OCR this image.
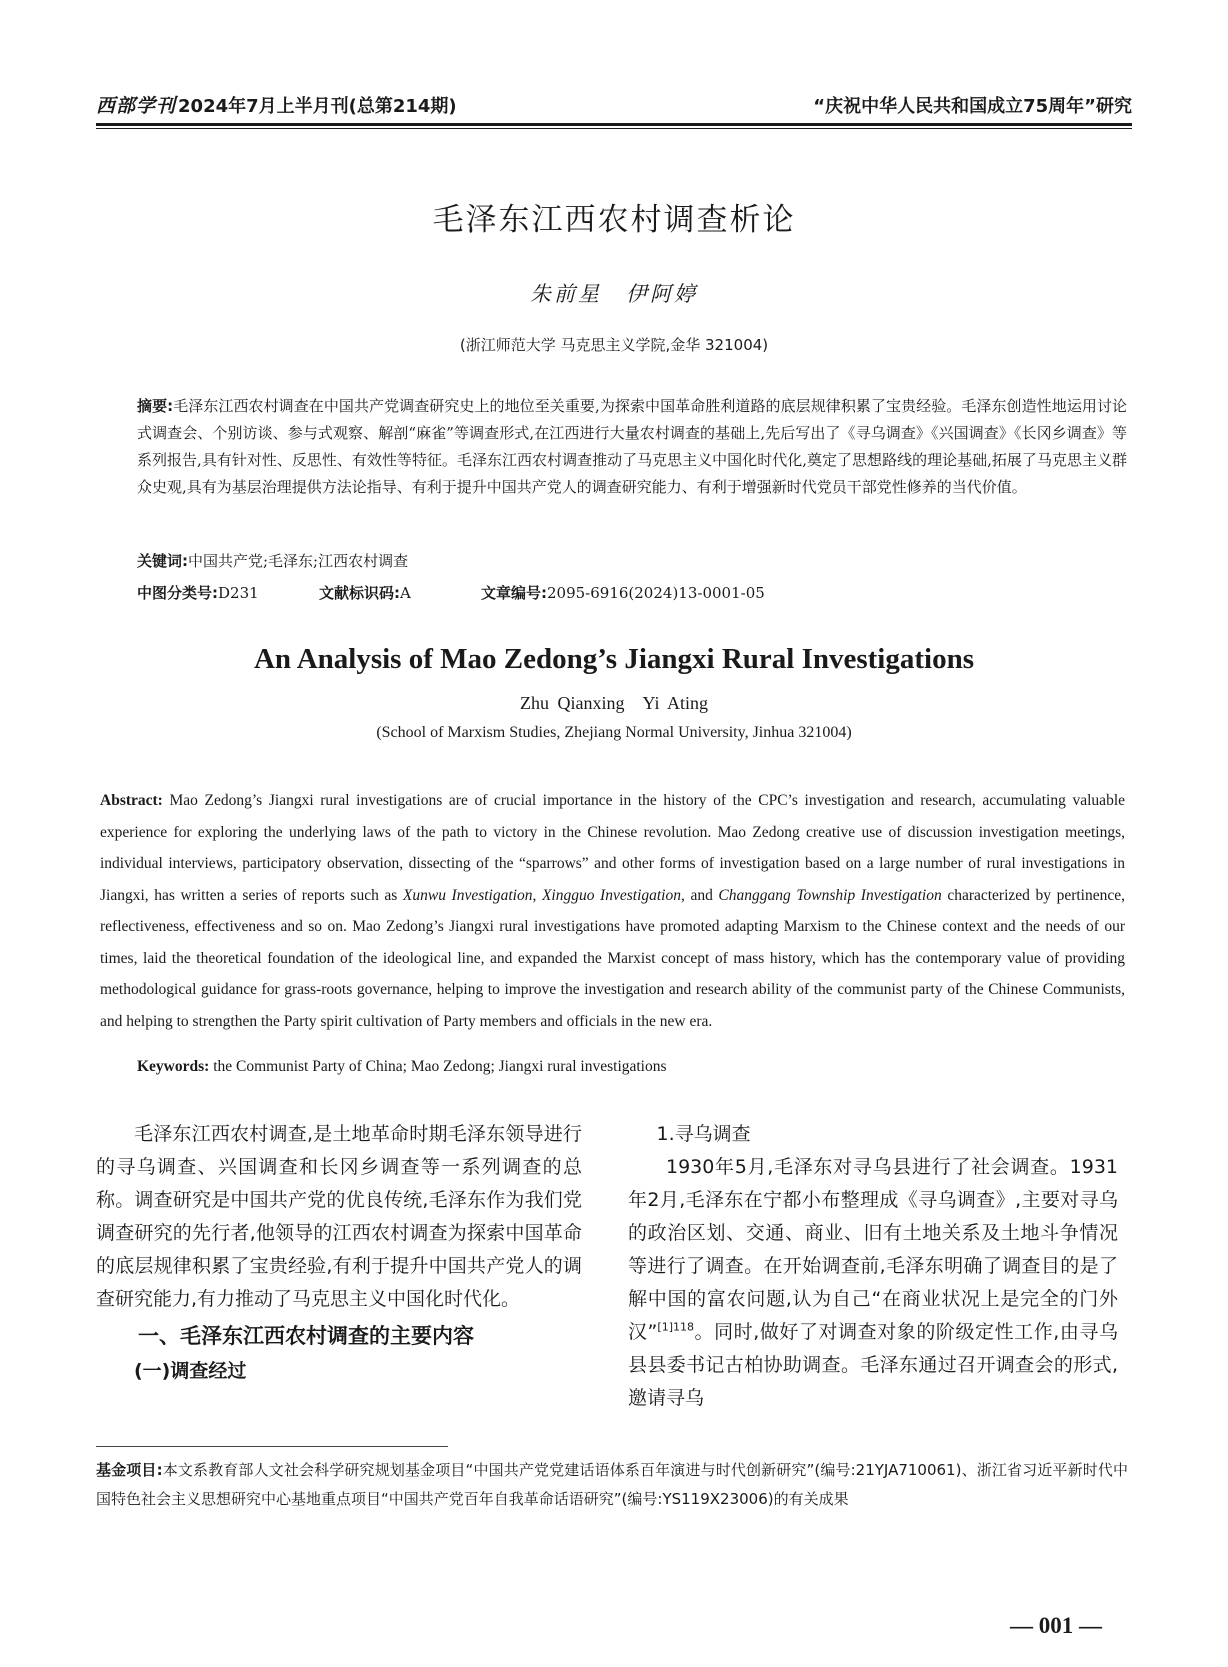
西部学刊 2024年7月上半月刊(总第214期)	“庆祝中华人民共和国成立75周年”研究
毛泽东江西农村调查析论
朱前星　伊阿婷
(浙江师范大学 马克思主义学院,金华 321004)
摘要:毛泽东江西农村调查在中国共产党调查研究史上的地位至关重要,为探索中国革命胜利道路的底层规律积累了宝贵经验。毛泽东创造性地运用讨论式调查会、个别访谈、参与式观察、解剖“麻雀”等调查形式,在江西进行大量农村调查的基础上,先后写出了《寻乌调查》《兴国调查》《长冈乡调查》等系列报告,具有针对性、反思性、有效性等特征。毛泽东江西农村调查推动了马克思主义中国化时代化,奠定了思想路线的理论基础,拓展了马克思主义群众史观,具有为基层治理提供方法论指导、有利于提升中国共产党人的调查研究能力、有利于增强新时代党员干部党性修养的当代价值。
关键词:中国共产党;毛泽东;江西农村调查
中图分类号:D231	文献标识码:A	文章编号:2095-6916(2024)13-0001-05
An Analysis of Mao Zedong’s Jiangxi Rural Investigations
Zhu Qianxing　Yi Ating
(School of Marxism Studies, Zhejiang Normal University, Jinhua 321004)
Abstract: Mao Zedong’s Jiangxi rural investigations are of crucial importance in the history of the CPC’s investigation and research, accumulating valuable experience for exploring the underlying laws of the path to victory in the Chinese revolution. Mao Zedong creative use of discussion investigation meetings, individual interviews, participatory observation, dissecting of the “sparrows” and other forms of investigation based on a large number of rural investigations in Jiangxi, has written a series of reports such as Xunwu Investigation, Xingguo Investigation, and Changgang Township Investigation characterized by pertinence, reflectiveness, effectiveness and so on. Mao Zedong’s Jiangxi rural investigations have promoted adapting Marxism to the Chinese context and the needs of our times, laid the theoretical foundation of the ideological line, and expanded the Marxist concept of mass history, which has the contemporary value of providing methodological guidance for grass-roots governance, helping to improve the investigation and research ability of the communist party of the Chinese Communists, and helping to strengthen the Party spirit cultivation of Party members and officials in the new era.
Keywords: the Communist Party of China; Mao Zedong; Jiangxi rural investigations

毛泽东江西农村调查,是土地革命时期毛泽东领导进行的寻乌调查、兴国调查和长冈乡调查等一系列调查的总称。调查研究是中国共产党的优良传统,毛泽东作为我们党调查研究的先行者,他领导的江西农村调查为探索中国革命的底层规律积累了宝贵经验,有利于提升中国共产党人的调查研究能力,有力推动了马克思主义中国化时代化。

一、毛泽东江西农村调查的主要内容
(一)调查经过
1.寻乌调查

1930年5月,毛泽东对寻乌县进行了社会调查。1931年2月,毛泽东在宁都小布整理成《寻乌调查》,主要对寻乌的政治区划、交通、商业、旧有土地关系及土地斗争情况等进行了调查。在开始调查前,毛泽东明确了调查目的是了解中国的富农问题,认为自己“在商业状况上是完全的门外汉”$^{[1]118}$。同时,做好了对调查对象的阶级定性工作,由寻乌县县委书记古柏协助调查。毛泽东通过召开调查会的形式,邀请寻乌

基金项目:本文系教育部人文社会科学研究规划基金项目“中国共产党党建话语体系百年演进与时代创新研究”(编号:21YJA710061)、浙江省习近平新时代中国特色社会主义思想研究中心基地重点项目“中国共产党百年自我革命话语研究”(编号:YS119X23006)的有关成果
— 001 —
